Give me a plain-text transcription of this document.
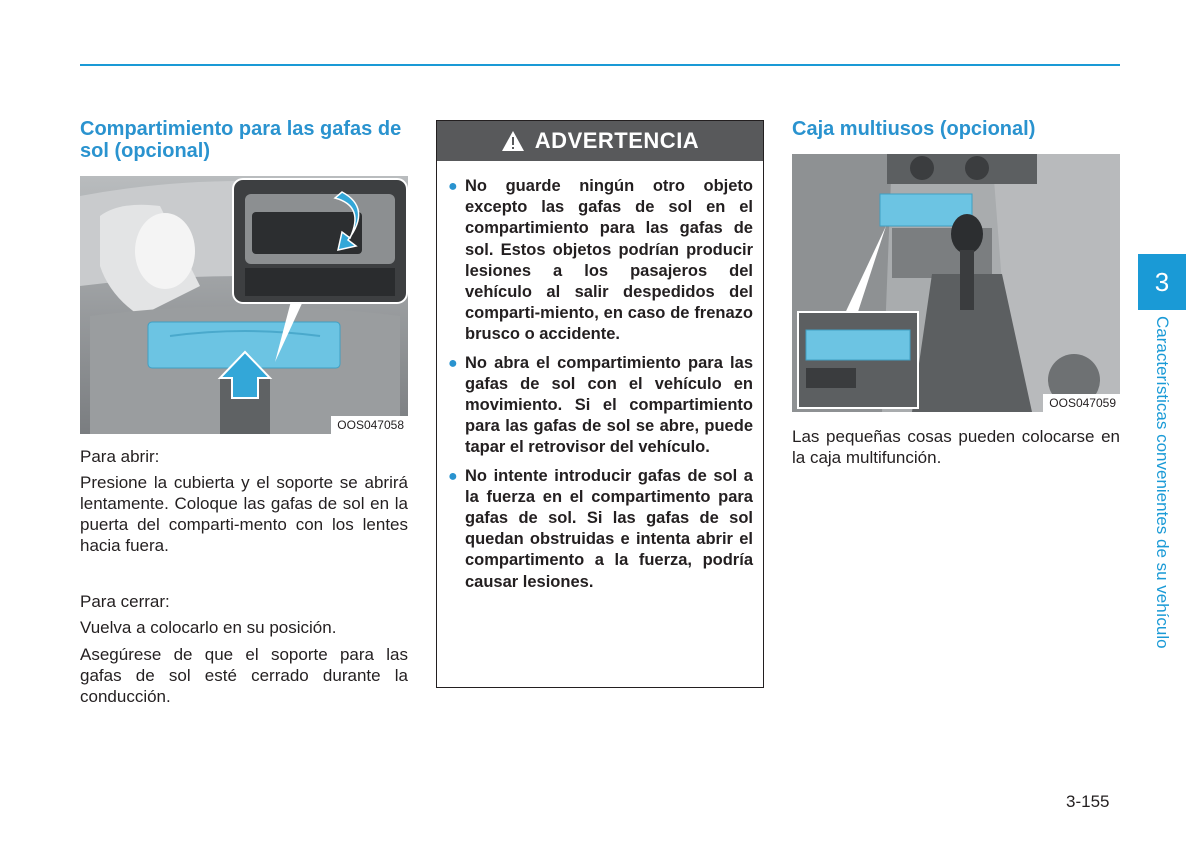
Compartimiento para las gafas de sol (opcional)
OOS047058

Para abrir:

Presione la cubierta y el soporte se abrirá lentamente. Coloque las gafas de sol en la puerta del comparti-mento con los lentes hacia fuera.

Para cerrar:

Vuelva a colocarlo en su posición.

Asegúrese de que el soporte para las gafas de sol esté cerrado durante la conducción.

ADVERTENCIA
● No guarde ningún otro objeto excepto las gafas de sol en el compartimiento para las gafas de sol. Estos objetos podrían producir lesiones a los pasajeros del vehículo al salir despedidos del comparti-miento, en caso de frenazo brusco o accidente.
● No abra el compartimiento para las gafas de sol con el vehículo en movimiento. Si el compartimiento para las gafas de sol se abre, puede tapar el retrovisor del vehículo.
● No intente introducir gafas de sol a la fuerza en el compartimento para gafas de sol. Si las gafas de sol quedan obstruidas e intenta abrir el compartimento a la fuerza, podría causar lesiones.
Caja multiusos (opcional)
OOS047059

Las pequeñas cosas pueden colocarse en la caja multifunción.

3
Características convenientes de su vehículo
3-155
